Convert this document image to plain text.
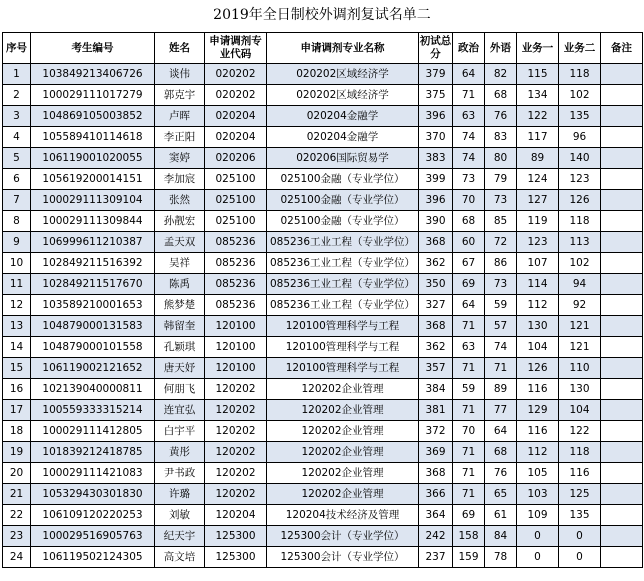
2019年全日制校外调剂复试名单二
序号	考生编号	姓名	申请调剂专业代码	申请调剂专业名称	初试总分	政治	外语	业务一	业务二	备注
1	103849213406726	谈伟	020202	020202区域经济学	379	64	82	115	118	
2	100029111017279	郭克宇	020202	020202区域经济学	375	71	68	134	102	
3	104869105003852	卢晖	020204	020204金融学	396	63	76	122	135	
4	105589410114618	李正阳	020204	020204金融学	370	74	83	117	96	
5	106119001020055	窦婷	020206	020206国际贸易学	383	74	80	89	140	
6	105619200014151	李加宸	025100	025100金融（专业学位）	399	73	79	124	123	
7	100029111309104	张然	025100	025100金融（专业学位）	396	70	73	127	126	
8	100029111309844	孙靓宏	025100	025100金融（专业学位）	390	68	85	119	118	
9	106999611210387	孟天双	085236	085236工业工程（专业学位）	368	60	72	123	113	
10	102849211516392	吴祥	085236	085236工业工程（专业学位）	362	67	86	107	102	
11	102849211517670	陈禹	085236	085236工业工程（专业学位）	350	69	73	114	94	
12	103589210001653	熊梦楚	085236	085236工业工程（专业学位）	327	64	59	112	92	
13	104879000131583	韩留奎	120100	120100管理科学与工程	368	71	57	130	121	
14	104879000101558	孔颖琪	120100	120100管理科学与工程	362	63	74	104	121	
15	106119002121652	唐天妤	120100	120100管理科学与工程	357	71	71	126	110	
16	102139040000811	何朋飞	120202	120202企业管理	384	59	89	116	130	
17	100559333315214	连宜弘	120202	120202企业管理	381	71	77	129	104	
18	100029111412805	白宇平	120202	120202企业管理	372	70	64	116	122	
19	101839212418785	黄彤	120202	120202企业管理	369	71	68	112	118	
20	100029111421083	尹书政	120202	120202企业管理	368	71	76	105	116	
21	105329430301830	许璐	120202	120202企业管理	366	71	65	103	125	
22	106109120220253	刘敏	120204	120204技术经济及管理	364	69	61	109	135	
23	100029516905763	纪天宇	125300	125300会计（专业学位）	242	158	84	0	0	
24	106119502124305	高文培	125300	125300会计（专业学位）	237	159	78	0	0	
